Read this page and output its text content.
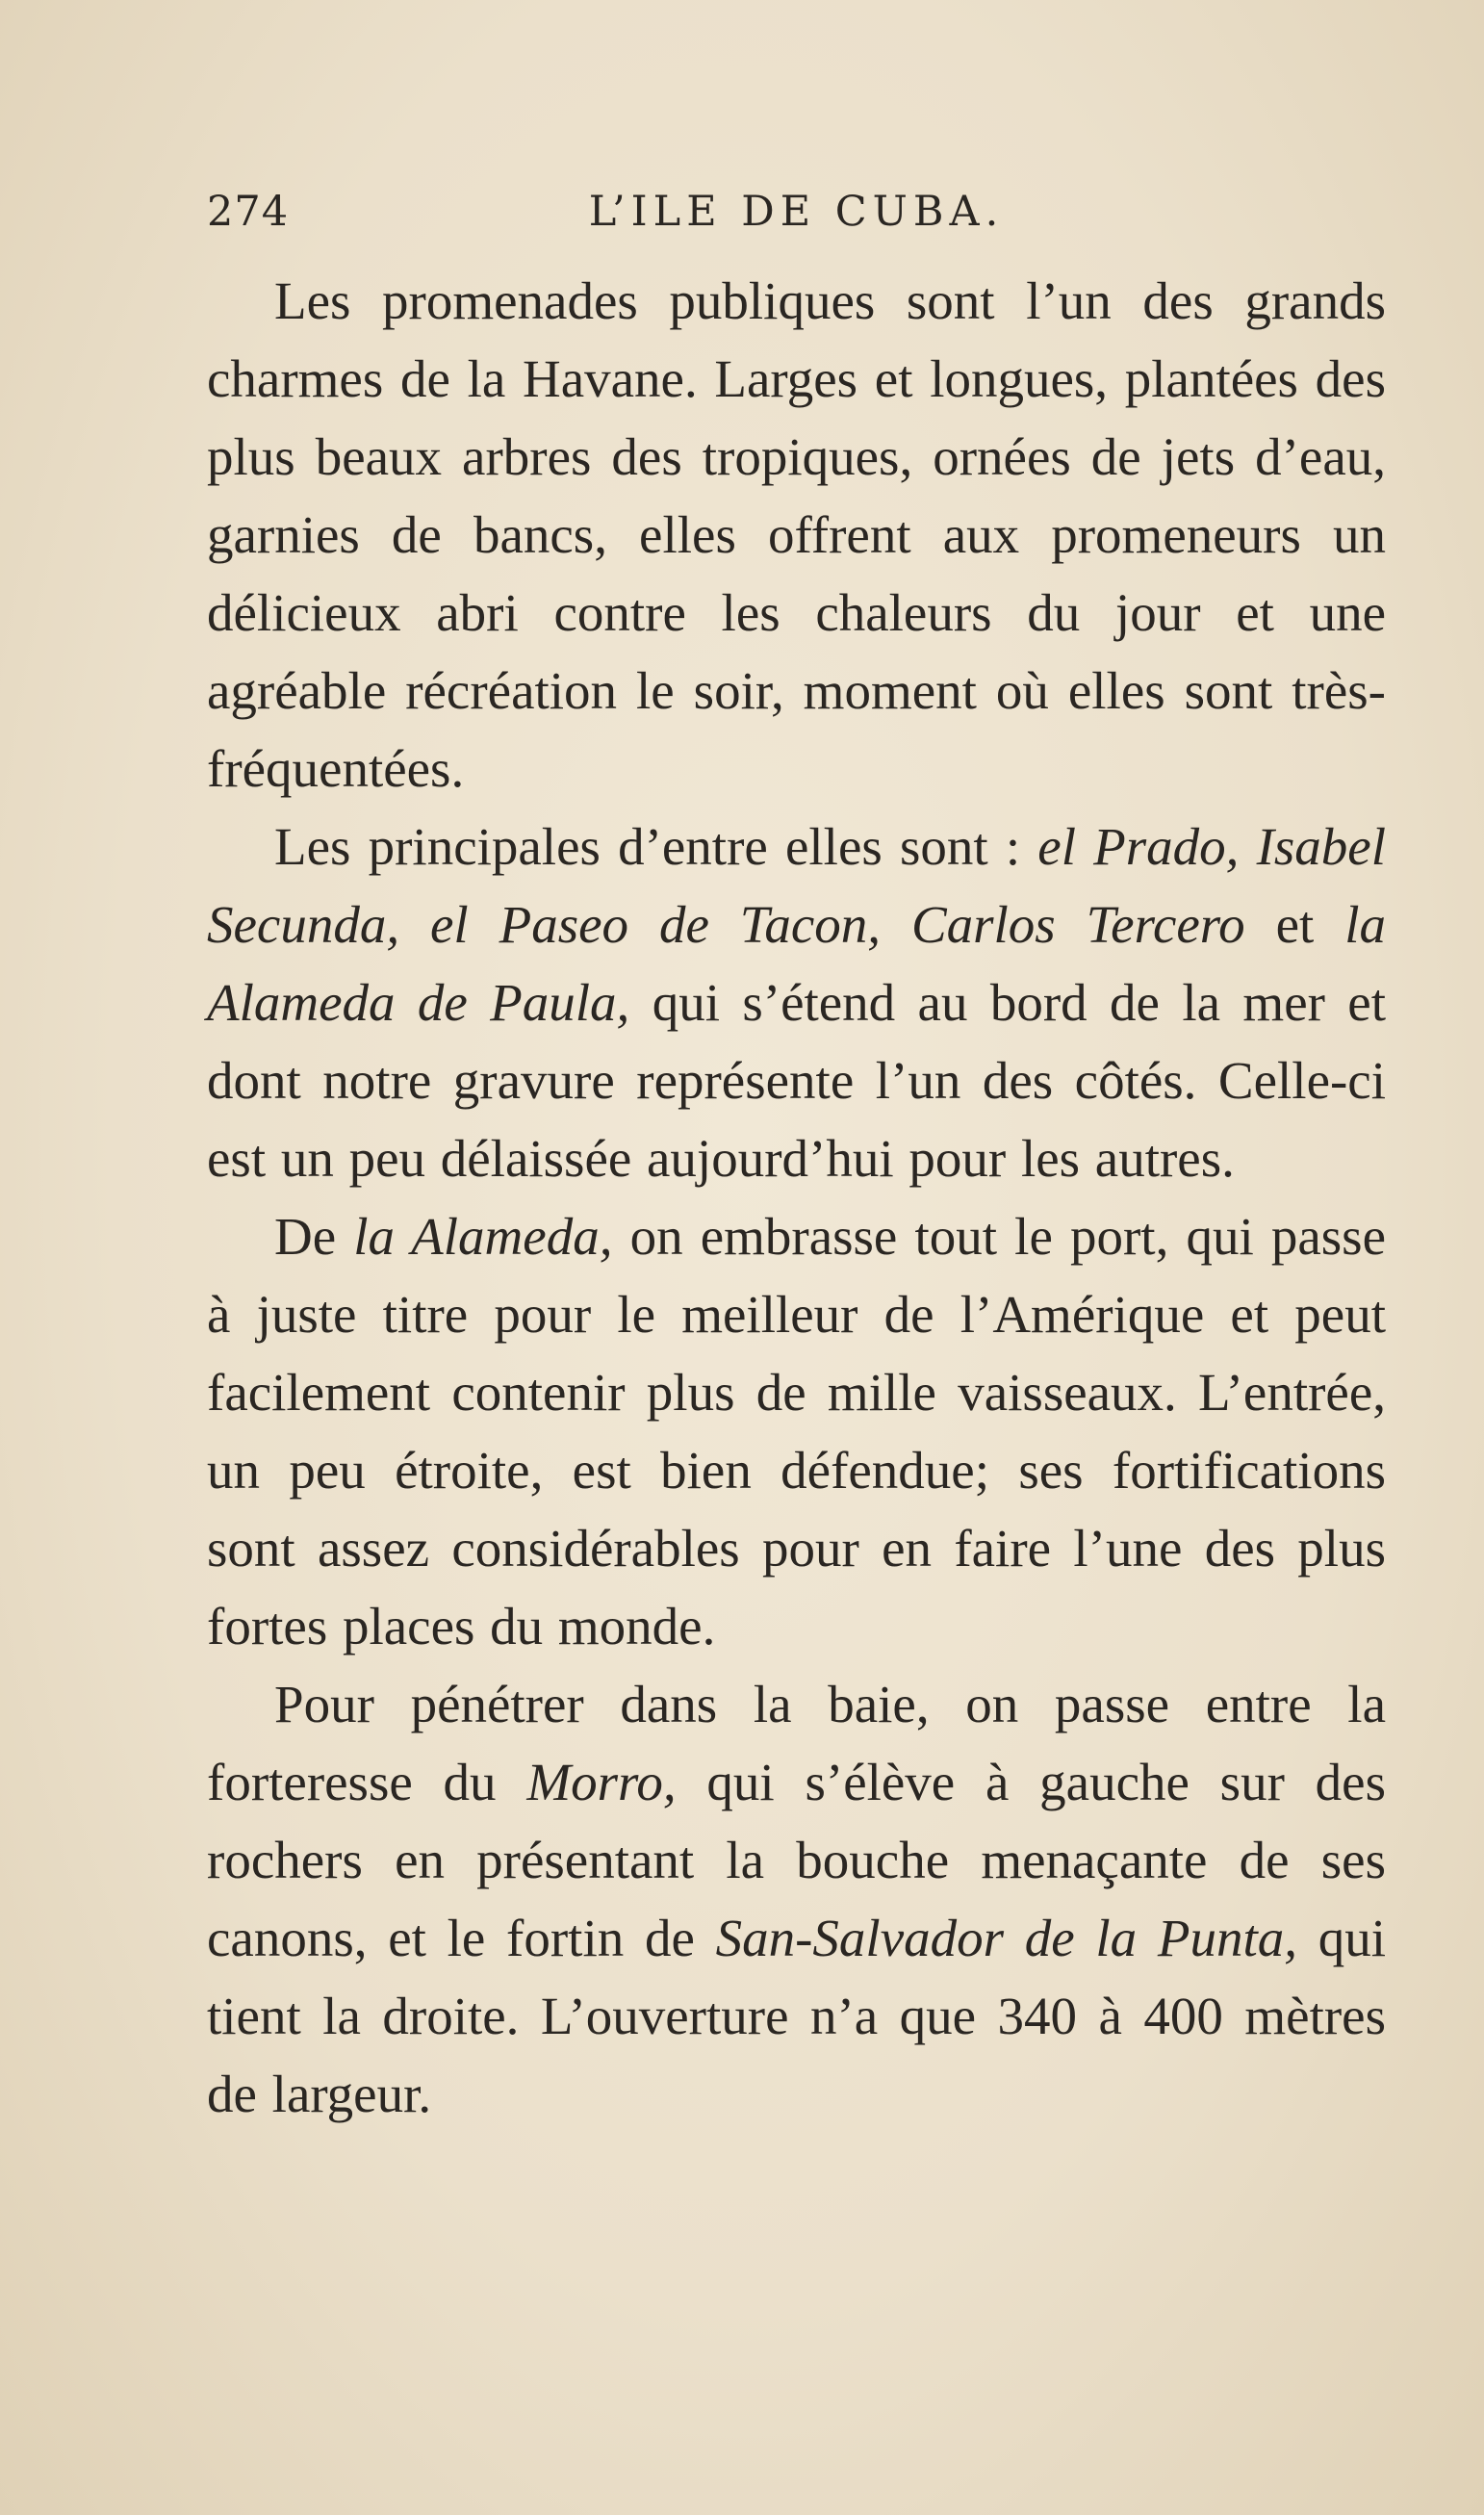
274	L’ILE DE CUBA.

Les promenades publiques sont l’un des grands charmes de la Havane. Larges et longues, plantées des plus beaux arbres des tropiques, ornées de jets d’eau, garnies de bancs, elles offrent aux promeneurs un délicieux abri contre les chaleurs du jour et une agréable récréation le soir, moment où elles sont très-fréquentées.

Les principales d’entre elles sont : el Prado, Isabel Secunda, el Paseo de Tacon, Carlos Tercero et la Alameda de Paula, qui s’étend au bord de la mer et dont notre gravure représente l’un des côtés. Celle-ci est un peu délaissée aujourd’hui pour les autres.

De la Alameda, on embrasse tout le port, qui passe à juste titre pour le meilleur de l’Amérique et peut facilement contenir plus de mille vaisseaux. L’entrée, un peu étroite, est bien défendue; ses fortifications sont assez considérables pour en faire l’une des plus fortes places du monde.

Pour pénétrer dans la baie, on passe entre la forteresse du Morro, qui s’élève à gauche sur des rochers en présentant la bouche menaçante de ses canons, et le fortin de San-Salvador de la Punta, qui tient la droite. L’ouverture n’a que 340 à 400 mètres de largeur.
